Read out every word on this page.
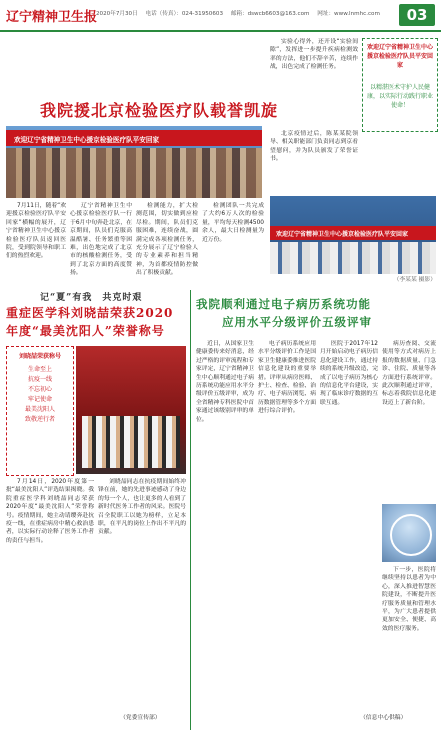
辽宁精神卫生报
2020年7月30日 电话（传真）：024-31950603 邮箱：dswcb6603@163.com 网址：www.lnmhc.com	03
我院援北京检验医疗队载誉凯旋
欢迎辽宁省精神卫生中心援京检验医疗队平安回家

7月11日，随着“欢迎援京检验医疗队平安回家”横幅的展开，辽宁省精神卫生中心援京检验医疗队员返回医院，受到院领导和职工们的热烈欢迎。

辽宁省精神卫生中心援京检验医疗队一行于6月中旬奔赴北京，在京期间，队员们克服高温酷暑、任务繁重等困难，出色地完成了北京市的核酸检测任务，受到了北京方面的高度赞扬。

检测能力，扩大检测范围，切实做到应检尽检。期间，队员们克服困难，连续奋战，圆满完成各项检测任务，充分展示了辽宁检验人的专业素养和担当精神，为首都疫情防控做出了积极贡献。

检测团队一共完成了大约6万人次的检验量，平均每天检测4500余人，最大日检测量为近万份。

实验心得外，还开设“实验间隙”，发挥进一步提升疾病检测效率的方法，他们不辞辛苦，连续作战，出色完成了检测任务。

北京疫情过后，陈某某院领导、相关职能部门负责同志到京看望慰问，并为队员颁发了荣誉证书。

欢迎辽宁省精神卫生中心援京检验医疗队员平安回家
以精湛医术守护人民健康，以实际行动践行职业使命！
欢迎辽宁省精神卫生中心援京检验医疗队平安回家
（李某某 摄影）
记“夏”有我　共克时艰
重症医学科刘晓喆荣获2020
年度“最美沈阳人”荣誉称号
刘晓喆荣获称号
生命至上
抗疫一线
不忘初心
牢记使命
最美沈阳人
致敬逆行者

7月14日，2020年度第一批“最美沈阳人”评选结果揭晓。我院重症医学科刘晓喆同志荣获2020年度“最美沈阳人”荣誉称号。疫情期间，她主动请缨奔赴抗疫一线，在重症病房中精心救治患者，以实际行动诠释了医务工作者的责任与担当。

刘晓喆同志在抗疫期间始终冲锋在前，她的先进事迹感动了身边的每一个人，也让更多的人看到了新时代医务工作者的风采。医院号召全院职工以她为榜样，立足本职，在平凡的岗位上作出不平凡的贡献。

（党委宣传部）
我院顺利通过电子病历系统功能
应用水平分级评价五级评审

近日，从国家卫生健康委传来好消息，经过严格的评审流程和专家评定，辽宁省精神卫生中心顺利通过电子病历系统功能应用水平分级评价五级评审，成为全省精神专科医院中首家通过该级别评审的单位。

电子病历系统应用水平分级评价工作是国家卫生健康委推进医院信息化建设的重要举措。评审从病房医师、护士、检查、检验、治疗、电子病历浏览、病历数据管理等多个方面进行综合评价。

医院于2017年12月开始启动电子病历信息化建设工作，通过持续的系统升级改造，完成了以电子病历为核心的信息化平台建设，实现了临床诊疗数据的互联互通。

病历查阅、交流使用等方式对病历上报的数据质量、门急诊、住院、质量等各方面进行系统评审。此次顺利通过评审，标志着我院信息化建设迈上了新台阶。

下一步，医院将继续坚持以患者为中心，深入推进智慧医院建设，不断提升医疗服务质量和管理水平，为广大患者提供更加安全、便捷、高效的医疗服务。

（信息中心供稿）
